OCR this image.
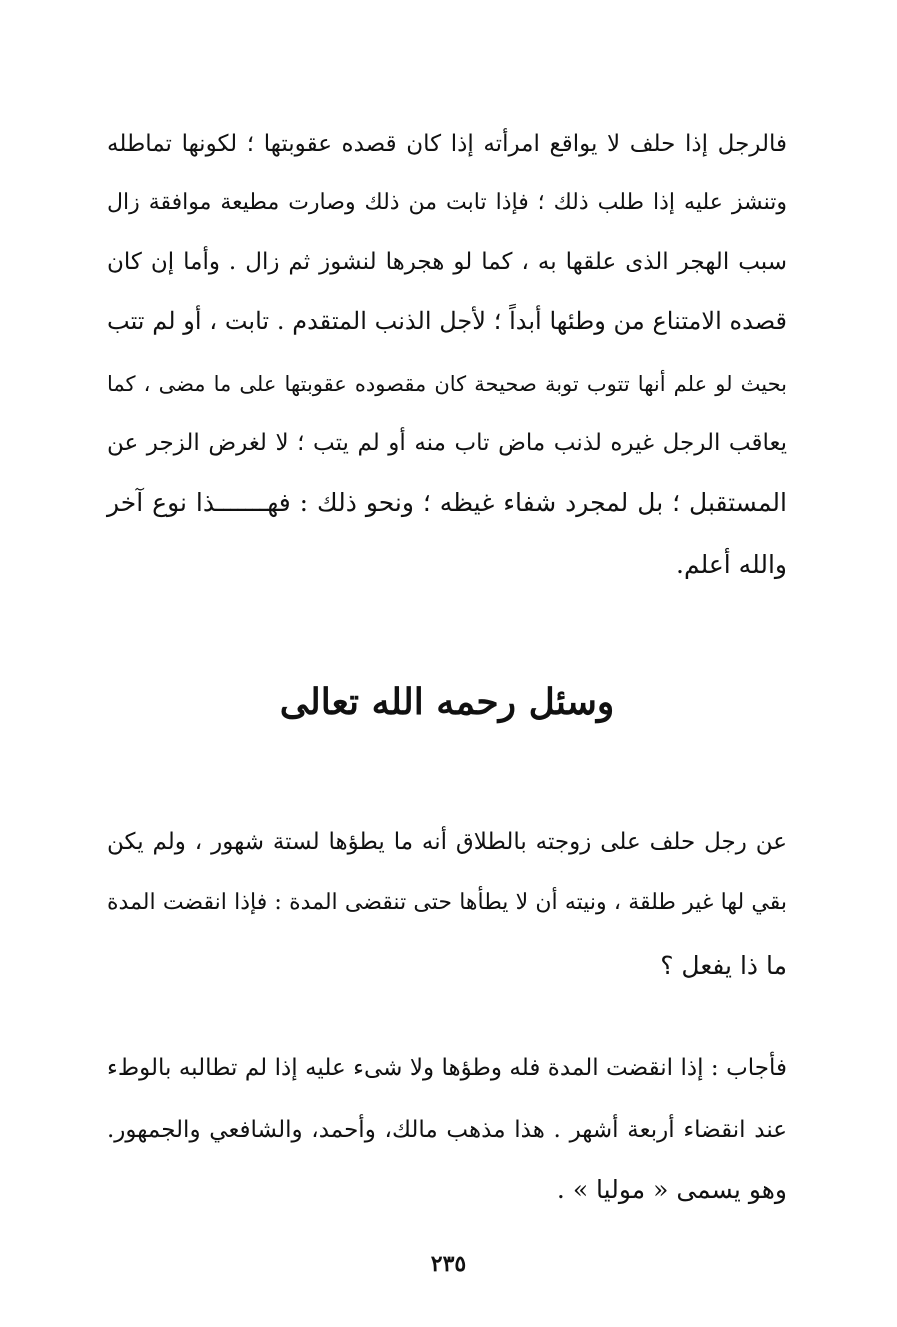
فالرجل إذا حلف لا يواقع امرأته إذا كان قصده عقوبتها ؛ لكونها تماطله
وتنشز عليه إذا طلب ذلك ؛ فإذا تابت من ذلك وصارت مطيعة موافقة زال
سبب الهجر الذى علقها به ، كما لو هجرها لنشوز ثم زال . وأما إن كان
قصده الامتناع من وطئها أبداً ؛ لأجل الذنب المتقدم . تابت ، أو لم تتب
بحيث لو علم أنها تتوب توبة صحيحة كان مقصوده عقوبتها على ما مضى ، كما
يعاقب الرجل غيره لذنب ماض تاب منه أو لم يتب ؛ لا لغرض الزجر عن
المستقبل ؛ بل لمجرد شفاء غيظه ؛ ونحو ذلك : فهـــــــذا نوع آخر
والله أعلم.
وسئل رحمه الله تعالى
عن رجل حلف على زوجته بالطلاق أنه ما يطؤها لستة شهور ، ولم يكن
بقي لها غير طلقة ، ونيته أن لا يطأها حتى تنقضى المدة : فإذا انقضت المدة
ما ذا يفعل ؟
فأجاب : إذا انقضت المدة فله وطؤها ولا شىء عليه إذا لم تطالبه بالوطء
عند انقضاء أربعة أشهر . هذا مذهب مالك، وأحمد، والشافعي والجمهور.
وهو يسمى « موليا » .
٢٣٥
